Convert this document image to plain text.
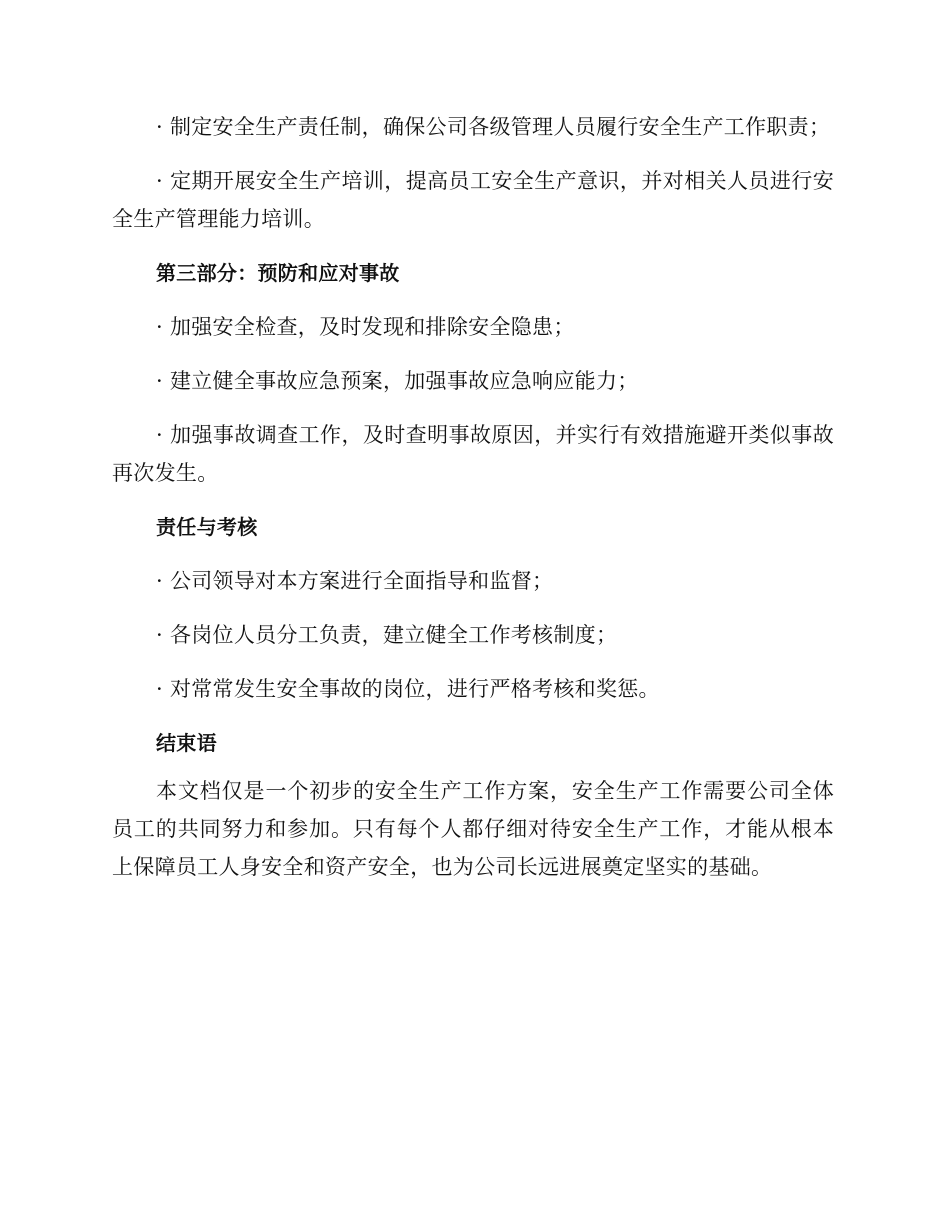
· 制定安全生产责任制，确保公司各级管理人员履行安全生产工作职责；

· 定期开展安全生产培训，提高员工安全生产意识，并对相关人员进行安全生产管理能力培训。

第三部分：预防和应对事故

· 加强安全检查，及时发现和排除安全隐患；

· 建立健全事故应急预案，加强事故应急响应能力；

· 加强事故调查工作，及时查明事故原因，并实行有效措施避开类似事故再次发生。

责任与考核

· 公司领导对本方案进行全面指导和监督；

· 各岗位人员分工负责，建立健全工作考核制度；

· 对常常发生安全事故的岗位，进行严格考核和奖惩。

结束语

本文档仅是一个初步的安全生产工作方案，安全生产工作需要公司全体员工的共同努力和参加。只有每个人都仔细对待安全生产工作，才能从根本上保障员工人身安全和资产安全，也为公司长远进展奠定坚实的基础。
